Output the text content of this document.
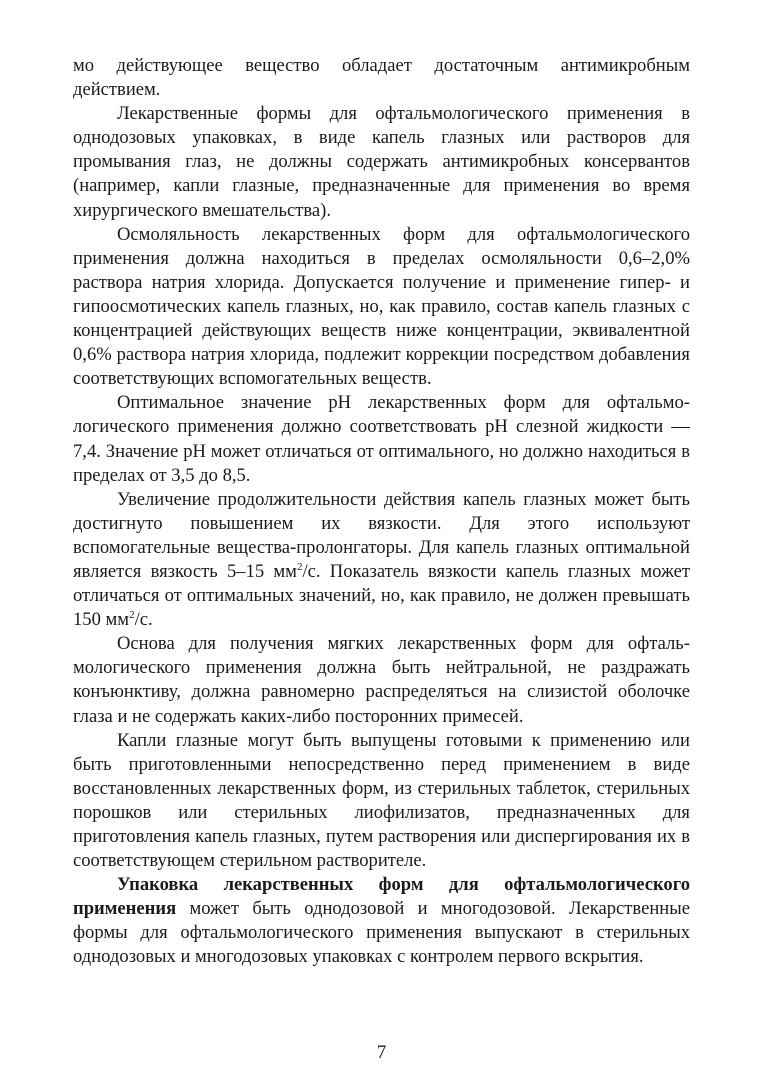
мо действующее вещество обладает достаточным антимикробным действием.

Лекарственные формы для офтальмологического применения в однодозовых упаковках, в виде капель глазных или растворов для промывания глаз, не должны содержать антимикробных консервантов (например, капли глазные, предназначенные для применения во время хирургического вмешательства).

Осмоляльность лекарственных форм для офтальмологического применения должна находиться в пределах осмоляльности 0,6–2,0% раствора натрия хлорида. Допускается получение и применение гипер- и гипоосмотических капель глазных, но, как правило, состав капель глазных с концентрацией действующих веществ ниже концентрации, эквивалентной 0,6% раствора натрия хлорида, подлежит коррекции посредством добавления соответствующих вспомогательных веществ.

Оптимальное значение pH лекарственных форм для офтальмологического применения должно соответствовать pH слезной жидкости — 7,4. Значение pH может отличаться от оптимального, но должно находиться в пределах от 3,5 до 8,5.

Увеличение продолжительности действия капель глазных может быть достигнуто повышением их вязкости. Для этого используют вспомогательные вещества-пролонгаторы. Для капель глазных оптимальной является вязкость 5–15 $мм^2/с$. Показатель вязкости капель глазных может отличаться от оптимальных значений, но, как правило, не должен превышать 150 $мм^2/с$.

Основа для получения мягких лекарственных форм для офтальмологического применения должна быть нейтральной, не раздражать конъюнктиву, должна равномерно распределяться на слизистой оболочке глаза и не содержать каких-либо посторонних примесей.

Капли глазные могут быть выпущены готовыми к применению или быть приготовленными непосредственно перед применением в виде восстановленных лекарственных форм, из стерильных таблеток, стерильных порошков или стерильных лиофилизатов, предназначенных для приготовления капель глазных, путем растворения или диспергирования их в соответствующем стерильном растворителе.

Упаковка лекарственных форм для офтальмологического применения может быть однодозовой и многодозовой. Лекарственные формы для офтальмологического применения выпускают в стерильных однодозовых и многодозовых упаковках с контролем первого вскрытия.

7
